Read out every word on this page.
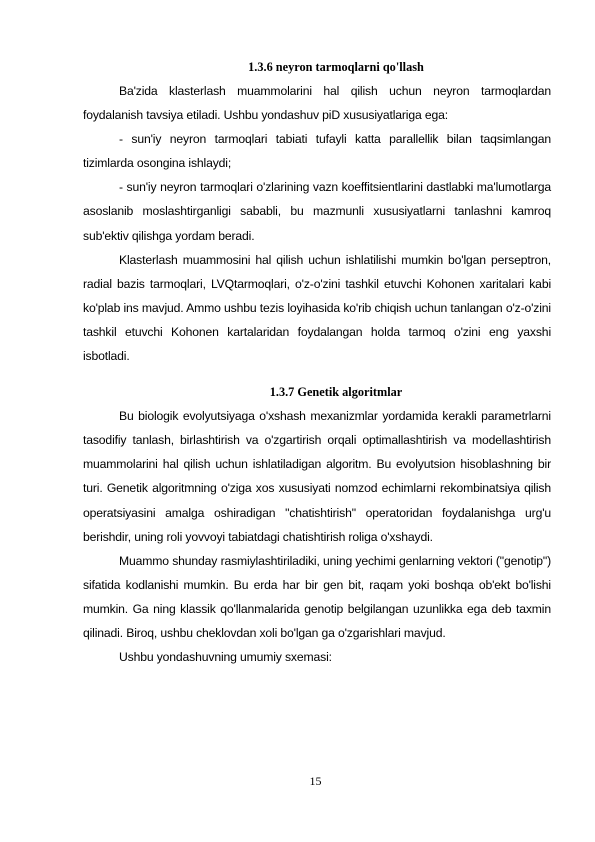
1.3.6 neyron tarmoqlarni qo'llash

Ba'zida klasterlash muammolarini hal qilish uchun neyron tarmoqlardan foydalanish tavsiya etiladi. Ushbu yondashuv piD xususiyatlariga ega:

- sun'iy neyron tarmoqlari tabiati tufayli katta parallellik bilan taqsimlangan tizimlarda osongina ishlaydi;

- sun'iy neyron tarmoqlari o'zlarining vazn koeffitsientlarini dastlabki ma'lumotlarga asoslanib moslashtirganligi sababli, bu mazmunli xususiyatlarni tanlashni kamroq sub'ektiv qilishga yordam beradi.

Klasterlash muammosini hal qilish uchun ishlatilishi mumkin bo'lgan perseptron, radial bazis tarmoqlari, LVQtarmoqlari, o'z-o'zini tashkil etuvchi Kohonen xaritalari kabi ko'plab ins mavjud. Ammo ushbu tezis loyihasida ko'rib chiqish uchun tanlangan o'z-o'zini tashkil etuvchi Kohonen kartalaridan foydalangan holda tarmoq o'zini eng yaxshi isbotladi.

1.3.7 Genetik algoritmlar

Bu biologik evolyutsiyaga o'xshash mexanizmlar yordamida kerakli parametrlarni tasodifiy tanlash, birlashtirish va o'zgartirish orqali optimallashtirish va modellashtirish muammolarini hal qilish uchun ishlatiladigan algoritm. Bu evolyutsion hisoblashning bir turi. Genetik algoritmning o'ziga xos xususiyati nomzod echimlarni rekombinatsiya qilish operatsiyasini amalga oshiradigan "chatishtirish" operatoridan foydalanishga urg'u berishdir, uning roli yovvoyi tabiatdagi chatishtirish roliga o'xshaydi.

Muammo shunday rasmiylashtiriladiki, uning yechimi genlarning vektori ("genotip") sifatida kodlanishi mumkin. Bu erda har bir gen bit, raqam yoki boshqa ob'ekt bo'lishi mumkin. Ga ning klassik qo'llanmalarida genotip belgilangan uzunlikka ega deb taxmin qilinadi. Biroq, ushbu cheklovdan xoli bo'lgan ga o'zgarishlari mavjud.

Ushbu yondashuvning umumiy sxemasi:

15
